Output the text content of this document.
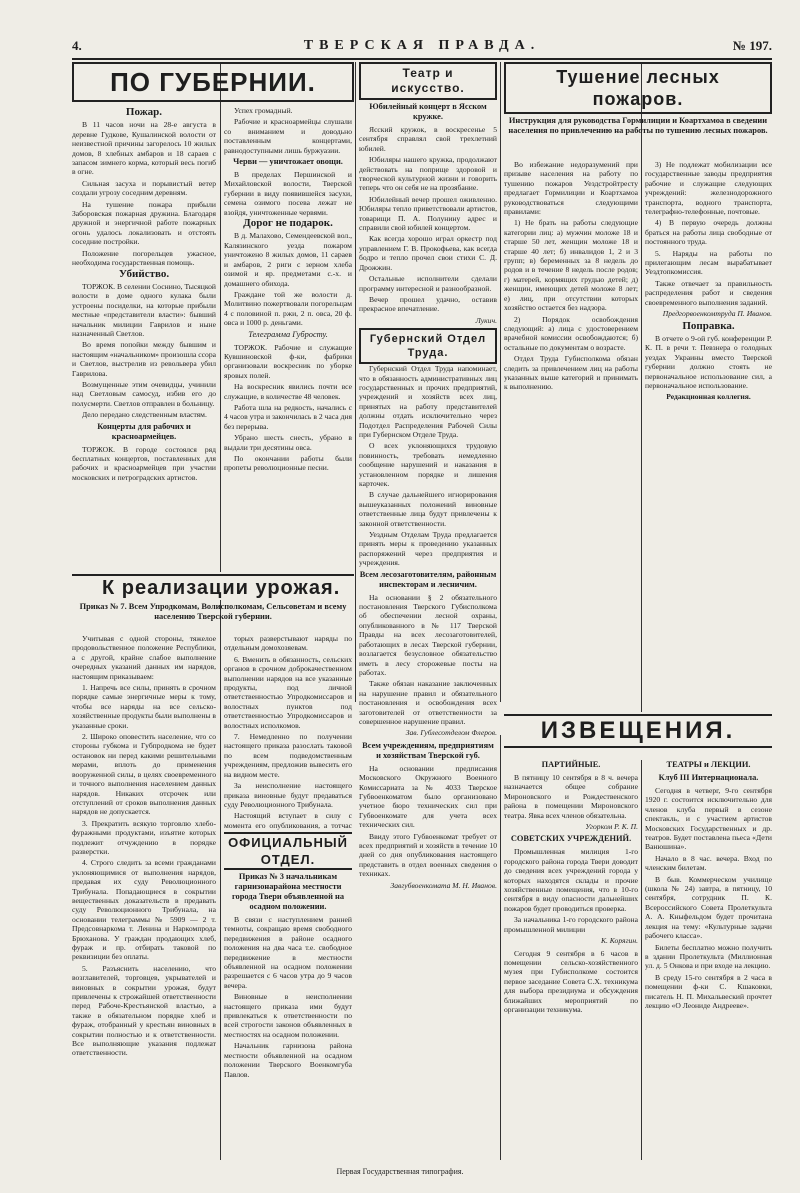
4.	ТВЕРСКАЯ ПРАВДА.	№ 197.
ПО ГУБЕРНИИ.
Пожар.

В 11 часов ночи на 28-е августа в деревне Гудкове, Кушалинской волости от неизвестной причины загорелось 10 жилых домов, 8 хлебных амбаров и 18 сараев с запасом зимнего корма, который весь погиб в огне.

Сильная засуха и порывистый ветер создали угрозу соседним деревням.

На тушение пожара прибыли Заборовская пожарная дружина. Благодаря дружной и энергичной работе пожарных огонь удалось локализовать и отстоять соседние постройки.

Положение погорельцев ужасное, необходима государственная помощь.

Убийство.

ТОРЖОК. В селении Соснино, Тысяцкой волости в доме одного кулака были устроены посиделки, на которые прибыли местные «представители власти»: бывший начальник милиции Гаврилов и ныне назначенный Светлов.

Во время попойки между бывшим и настоящим «начальником» произошла ссора и Светлов, выстрелив из револьвера убил Гаврилова.

Возмущенные этим очевидцы, учинили над Светловым самосуд, избив его до полусмерти. Светлов отправлен в больницу.

Дело передано следственным властям.

Концерты для рабочих и красноармейцев.

ТОРЖОК. В городе состоялся ряд бесплатных концертов, поставленных для рабочих и красноармейцев при участии московских и петроградских артистов.

Успех громадный.

Рабочие и красноармейцы слушали со вниманием и доводьно поставленным концертами, равнодоступными лишь буржуазии.

Черви — уничтожает овощи.

В пределах Першинской и Михайловской волости, Тверской губернии в виду появившейся засухи, семена озимого посева лежат не взойдя, уничтоженные червями.

Дорог не подарок.

В д. Малахово, Семендеевской вол., Калязинского уезда пожаром уничтожено 8 жилых домов, 11 сараев и амбаров, 2 риги с зерном хлеба озимой и яр. предметами с.-х. и домашнего обихода.

Граждане той же волости д. Молитвино пожертвовали погорельцам 4 с половиной п. ржи, 2 п. овса, 20 ф. овса и 1000 р. деньгами.

Телеграмма Губросту.

ТОРЖОК. Рабочие и служащие Кувшиновской ф-ки, фабрики организовали воскресник по уборке яровых полей.

На воскресник явились почти все служащие, в количестве 48 человек.

Работа шла на редкость, начались с 4 часов утра и закончилась в 2 часа дня без перерыва.

Убрано шесть снесть, убрано в выдали три десятины овса.

По окончании работы были пропеты революционные песни.

К реализации урожая.
Приказ № 7. Всем Упродкомам, Волисполкомам, Сельсоветам и всему населению Тверской губернии.

Учитывая с одной стороны, тяжелое продовольственное положение Республики, а с другой, крайне слабое выполнение очередных указаний данных им нарядов, настоящим приказываем:

1. Напречь все силы, принять в срочном порядке самые энергичные меры к тому, чтобы все наряды на все сельско-хозяйственные продукты были выполнены в указанные сроки.

2. Широко оповестить население, что со стороны губкома и Губпродкома не будет остановок ни перед какими решительными мерами, вплоть до применения вооруженной силы, в целях своевременного и точного выполнения населением данных нарядов. Никаких отсрочек или отступлений от сроков выполнения данных нарядов не допускается.

3. Прекратить всякую торговлю хлебо-фуражными продуктами, изъятие которых подлежит отчуждению в порядке разверстки.

4. Строго следить за всеми гражданами уклоняющимися от выполнения нарядов, предавая их суду Революционного Трибунала. Попадающиеся в сокрытии вещественных доказательств в предавать суду Революционного Трибунала, на основании телеграммы № 5909 — 2 т. Предсовнаркома т. Ленина и Наркомпрода Брюханова. У граждан продающих хлеб, фураж и пр. отбирать таковой по реквизиции без оплаты.

5. Разъяснить населению, что возглавителей, торговцев, укрывателей и виновных в сокрытии урожая, будут привлечены к строжайшей ответственности перед Рабоче-Крестьянской властью, а также в обязательном порядке хлеб и фураж, отобранный у крестьян виновных в сокрытии полностью и к ответственности. Все выполняющие указания подлежат ответственности.

торых разверстывают наряды по отдельным домохозяевам.

6. Вменить в обязанность, сельских органов в срочном доброкачественном выполнении нарядов на все указанные продукты, под личной ответственностью Упродкомиссаров и волостных пунктов под ответственностью Упродкомиссаров и волостных исполкомов.

7. Немедленно по получении настоящего приказа разослать таковой по всем подведомственным учреждениям, предложив вывесить его на видном месте.

За неисполнение настоящего приказа виновные будут предаваться суду Революционного Трибунала.

Настоящий вступает в силу с момента его опубликования, а тотчас

ОФИЦИАЛЬНЫЙ ОТДЕЛ.
Приказ № 3 начальникам гарнизонарайона местности города Твери объявленной на осадном положении.

В связи с наступлением ранней темноты, сокращаю время свободного передвижения в районе осадного положения на два часа т.е. свободное передвижение в местности объявленной на осадном положении разрешается с 6 часов утра до 9 часов вечера.

Виновные в неисполнении настоящего приказа ими будут привлекаться к ответственности по всей строгости законов объявленных в местностях на осадном положении.

Начальник гарнизона района местности объявленной на осадном положении Тверского Военкомгуба Павлов.

Театр и искусство.
Юбилейный концерт в Ясском кружке.

Ясский кружок, в воскресенье 5 сентября справлял свой трехлетний юбилей.

Юбиляры нашего кружка, продолжают действовать на поприще здоровой и творческой культурной жизни и говорить теперь что он себя не на прозябание.

Юбилейный вечер прошел оживленно. Юбиляры тепло приветствовали артистов, товарищи П. А. Полунину адрес и справили свой юбилей концертом.

Как всегда хорошо играл оркестр под управлением Г. В. Прокофьева, как всегда бодро и тепло прочел свои стихи С. Д. Дрожжин.

Остальные исполнители сделали программу интересной и разнообразной.

Вечер прошел удачно, оставив прекрасное впечатление.

Лукич.
Губернский Отдел Труда.

Губернский Отдел Труда напоминает, что в обязанность административных лиц государственных и прочих предприятий, учреждений и хозяйств всех лиц, принятых на работу представителей должны отдать исключительно через Подотдел Распределения Рабочей Силы при Губернском Отделе Труда.

О всех уклоняющихся трудовую повинность, требовать немедленно сообщение нарушений и наказания в установленном порядке и лишения карточек.

В случае дальнейшего игнорирования вышеуказанных положений виновные ответственные лица будут привлечены к законной ответственности.

Уездным Отделам Труда предлагается принять меры к проведению указанных распоряжений через предприятия и учреждения.

Всем лесозаготовителям, районным инспекторам и лесничим.

На основании § 2 обязательного постановления Тверского Губисполкома об обеспечении лесной охраны, опубликованного в № 117 Тверской Правды на всех лесозаготовителей, работающих в лесах Тверской губернии, возлагается безусловное обязательство иметь в лесу сторожевые посты на работах.

Также обязан наказание заключенных на нарушение правил и обязательного постановления и освобождения всех заготовителей от ответственности за совершенное нарушение правил.

Зав. Гублесотделом Флеров.
Всем учреждениям, предприятиям и хозяйствам Тверской губ.

На основании предписания Московского Окружного Военного Комиссариата за № 4033 Тверское Губвоенкоматом было организовано учетное бюро технических сил при Губвоенкомате для учета всех технических сил.

Ввиду этого Губвоенкомат требует от всех предприятий и хозяйств в течение 10 дней со дня опубликования настоящего представить в отдел военных сведения о техниках.

Завгубвоенкомата М. Н. Иванов.
Тушение лесных пожаров.
Инструкция для руководства Гормилиции и Коартхамоа в сведении населения по привлечению на работы по тушению лесных пожаров.

Во избежание недоразумений при призыве населения на работу по тушению пожаров Уездстройтресту предлагает Гормилиции и Коартхамоа руководствоваться следующими правилами:

1) Не брать на работы следующие категории лиц: а) мужчин моложе 18 и старше 50 лет, женщин моложе 18 и старше 40 лет; б) инвалидов 1, 2 и 3 групп; в) беременных за 8 недель до родов и в течение 8 недель после родов; г) матерей, кормящих грудью детей; д) женщин, имеющих детей моложе 8 лет; е) лиц, при отсутствии которых хозяйство остается без надзора.

2) Порядок освобождения следующий: а) лица с удостоверением врачебной комиссии освобождаются; б) остальные по документам о возрасте.

Отдел Труда Губисполкома обязан следить за привлечением лиц на работы указанных выше категорий и принимать к выполнению.

3) Не подлежат мобилизации все государственные заводы предприятия рабочие и служащие следующих учреждений: железнодорожного транспорта, водного транспорта, телеграфно-телефонные, почтовые.

4) В первую очередь должны браться на работы лица свободные от постоянного труда.

5. Наряды на работы по прилегающим лесам вырабатывает Уездтопкомиссия.

Также отвечает за правильность распределения работ и сведения своевременного выполнения заданий.

Предгорвоенкомтруда П. Иванов.
Поправка.

В отчете о 9-ой губ. конференции Р. К. П. в речи т. Певзнера о голодных уездах Украины вместо Тверской губернии должно стоять не первоначальное использование сил, а первоначальное использование.

Редакционная коллегия.
ИЗВЕЩЕНИЯ.
ПАРТИЙНЫЕ.

В пятницу 10 сентября в 8 ч. вечера назначается общее собрание Мироновского и Рождественского района в помещении Мироновского театра. Явка всех членов обязательна.

Угорком Р. К. П.
СОВЕТСКИХ УЧРЕЖДЕНИЙ.

Промышленная милиция 1-го городского района города Твери доводит до сведения всех учреждений города у которых находятся склады и прочие хозяйственные помещения, что в 10-го сентября в виду опасности дальнейших пожаров будет проводиться проверка.

За начальника 1-го городского района промышленной милиции

К. Корягин.

Сегодня 9 сентября в 6 часов в помещении сельско-хозяйственного музея при Губисполкоме состоится первое заседание Совета С.Х. техникума для выбора президиума и обсуждения ближайших мероприятий по организации техникума.

ТЕАТРЫ и ЛЕКЦИИ.
Клуб III Интернационала.

Сегодня в четверг, 9-го сентября 1920 г. состоится исключительно для членов клуба первый в сезоне спектакль, и с участием артистов Московских Государственных и др. театров. Будет поставлена пьеса «Дети Ванюшина».

Начало в 8 час. вечера. Вход по членским билетам.

В быв. Коммерческом училище (школа № 24) завтра, в пятницу, 10 сентября, сотрудник П. К. Всероссийского Совета Пролеткульта А. А. Кныфельдом будет прочитана лекция на тему: «Культурные задачи рабочего класса».

Билеты бесплатно можно получить в здании Пролеткульта (Миллионная ул. д. 5 Онкова и при входе на лекцию.

В среду 15-го сентября в 2 часа в помещении ф-ки С. Кшаковки, писатель Н. П. Михальвеский прочтет лекцию «О Леониде Андрееве».

Первая Государственная типография.
